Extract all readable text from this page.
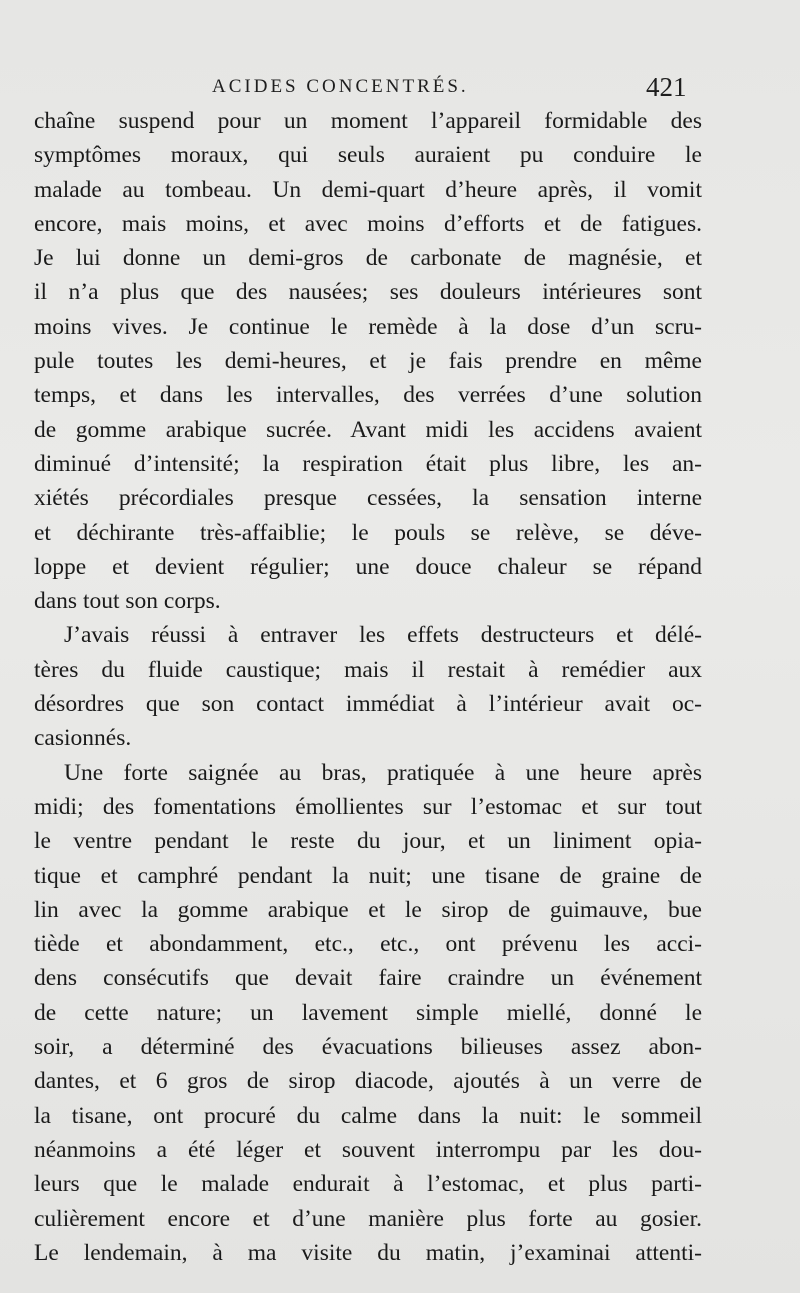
ACIDES CONCENTRÉS.	421
chaîne suspend pour un moment l’appareil formidable des
symptômes moraux, qui seuls auraient pu conduire le
malade au tombeau. Un demi-quart d’heure après, il vomit
encore, mais moins, et avec moins d’efforts et de fatigues.
Je lui donne un demi-gros de carbonate de magnésie, et
il n’a plus que des nausées; ses douleurs intérieures sont
moins vives. Je continue le remède à la dose d’un scru-
pule toutes les demi-heures, et je fais prendre en même
temps, et dans les intervalles, des verrées d’une solution
de gomme arabique sucrée. Avant midi les accidens avaient
diminué d’intensité; la respiration était plus libre, les an-
xiétés précordiales presque cessées, la sensation interne
et déchirante très-affaiblie; le pouls se relève, se déve-
loppe et devient régulier; une douce chaleur se répand
dans tout son corps.
J’avais réussi à entraver les effets destructeurs et délé-
tères du fluide caustique; mais il restait à remédier aux
désordres que son contact immédiat à l’intérieur avait oc-
casionnés.
Une forte saignée au bras, pratiquée à une heure après
midi; des fomentations émollientes sur l’estomac et sur tout
le ventre pendant le reste du jour, et un liniment opia-
tique et camphré pendant la nuit; une tisane de graine de
lin avec la gomme arabique et le sirop de guimauve, bue
tiède et abondamment, etc., etc., ont prévenu les acci-
dens consécutifs que devait faire craindre un événement
de cette nature; un lavement simple miellé, donné le
soir, a déterminé des évacuations bilieuses assez abon-
dantes, et 6 gros de sirop diacode, ajoutés à un verre de
la tisane, ont procuré du calme dans la nuit: le sommeil
néanmoins a été léger et souvent interrompu par les dou-
leurs que le malade endurait à l’estomac, et plus parti-
culièrement encore et d’une manière plus forte au gosier.
Le lendemain, à ma visite du matin, j’examinai attenti-
